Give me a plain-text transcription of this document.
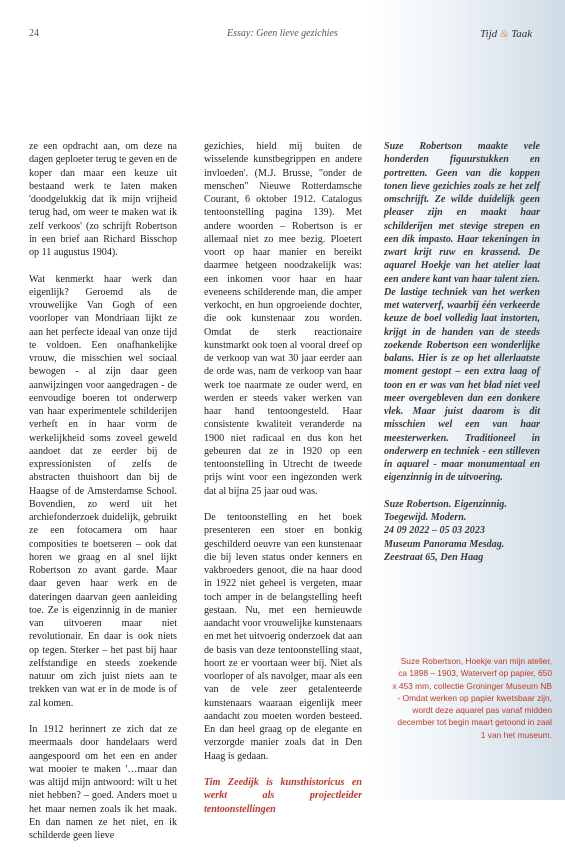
24	Essay: Geen lieve gezichies	Tijd & Taak

ze een opdracht aan, om deze na dagen geploeter terug te geven en de koper dan maar een keuze uit bestaand werk te laten maken 'doodgelukkig dat ik mijn vrijheid terug had, om weer te maken wat ik zelf verkoos' (zo schrijft Robertson in een brief aan Richard Bisschop op 11 augustus 1904).

Wat kenmerkt haar werk dan eigenlijk? Geroemd als de vrouwelijke Van Gogh of een voorloper van Mondriaan lijkt ze aan het perfecte ideaal van onze tijd te voldoen. Een onafhankelijke vrouw, die misschien wel sociaal bewogen - al zijn daar geen aanwijzingen voor aangedragen - de eenvoudige boeren tot onderwerp van haar experimentele schilderijen verheft en in haar vorm de werkelijkheid soms zoveel geweld aandoet dat ze eerder bij de expressionisten of zelfs de abstracten thuishoort dan bij de Haagse of de Amsterdamse School. Bovendien, zo werd uit het archiefonderzoek duidelijk, gebruikt ze een fotocamera om haar composities te boetseren – ook dat horen we graag en al snel lijkt Robertson zo avant garde. Maar daar geven haar werk en de dateringen daarvan geen aanleiding toe. Ze is eigenzinnig in de manier van uitvoeren maar niet revolutionair. En daar is ook niets op tegen. Sterker – het past bij haar zelfstandige en steeds zoekende natuur om zich juist niets aan te trekken van wat er in de mode is of zal komen.

In 1912 herinnert ze zich dat ze meermaals door handelaars werd aangespoord om het een en ander wat mooier te maken '…maar dan was altijd mijn antwoord: wilt u het niet hebben? – goed. Anders moet u het maar nemen zoals ik het maak. En dan namen ze het niet, en ik schilderde geen lieve

gezichies, hield mij buiten de wisselende kunstbegrippen en andere invloeden'. (M.J. Brusse, "onder de menschen" Nieuwe Rotterdamsche Courant, 6 oktober 1912. Catalogus tentoonstelling pagina 139). Met andere woorden – Robertson is er allemaal niet zo mee bezig. Ploetert voort op haar manier en bereikt daarmee hetgeen noodzakelijk was: een inkomen voor haar en haar eveneens schilderende man, die amper verkocht, en hun opgroeiende dochter, die ook kunstenaar zou worden. Omdat de sterk reactionaire kunstmarkt ook toen al vooral dreef op de verkoop van wat 30 jaar eerder aan de orde was, nam de verkoop van haar werk toe naarmate ze ouder werd, en werden er steeds vaker werken van haar hand tentoongesteld. Haar consistente kwaliteit veranderde na 1900 niet radicaal en dus kon het gebeuren dat ze in 1920 op een tentoonstelling in Utrecht de tweede prijs wint voor een ingezonden werk dat al bijna 25 jaar oud was.

De tentoonstelling en het boek presenteren een stoer en bonkig geschilderd oeuvre van een kunstenaar die bij leven status onder kenners en vakbroeders genoot, die na haar dood in 1922 niet geheel is vergeten, maar toch amper in de belangstelling heeft gestaan. Nu, met een hernieuwde aandacht voor vrouwelijke kunstenaars en met het uitvoerig onderzoek dat aan de basis van deze tentoonstelling staat, hoort ze er voortaan weer bij. Niet als voorloper of als navolger, maar als een van de vele zeer getalenteerde kunstenaars waaraan eigenlijk meer aandacht zou moeten worden besteed. En dan heel graag op de elegante en verzorgde manier zoals dat in Den Haag is gedaan.

Tim Zeedijk is kunsthistoricus en werkt als projectleider tentoonstellingen

Suze Robertson maakte vele honderden figuurstukken en portretten. Geen van die koppen tonen lieve gezichies zoals ze het zelf omschrijft. Ze wilde duidelijk geen pleaser zijn en maakt haar schilderijen met stevige strepen en een dik impasto. Haar tekeningen in zwart krijt ruw en krassend. De aquarel Hoekje van het atelier laat een andere kant van haar talent zien. De lastige techniek van het werken met waterverf, waarbij één verkeerde keuze de boel volledig laat instorten, krijgt in de handen van de steeds zoekende Robertson een wonderlijke balans. Hier is ze op het allerlaatste moment gestopt – een extra laag of toon en er was van het blad niet veel meer overgebleven dan een donkere vlek. Maar juist daarom is dit misschien wel een van haar meesterwerken. Traditioneel in onderwerp en techniek - een stilleven in aquarel - maar monumentaal en eigenzinnig in de uitvoering.

Suze Robertson. Eigenzinnig.
Toegewijd. Modern.
24 09 2022 – 05 03 2023
Museum Panorama Mesdag.
Zeestraat 65, Den Haag
Suze Robertson, Hoekje van mijn atelier, ca 1898 – 1903, Waterverf op papier, 650 x 453 mm, collectie Groninger Museum NB - Omdat werken op papier kwetsbaar zijn, wordt deze aquarel pas vanaf midden december tot begin maart getoond in zaal 1 van het museum.
